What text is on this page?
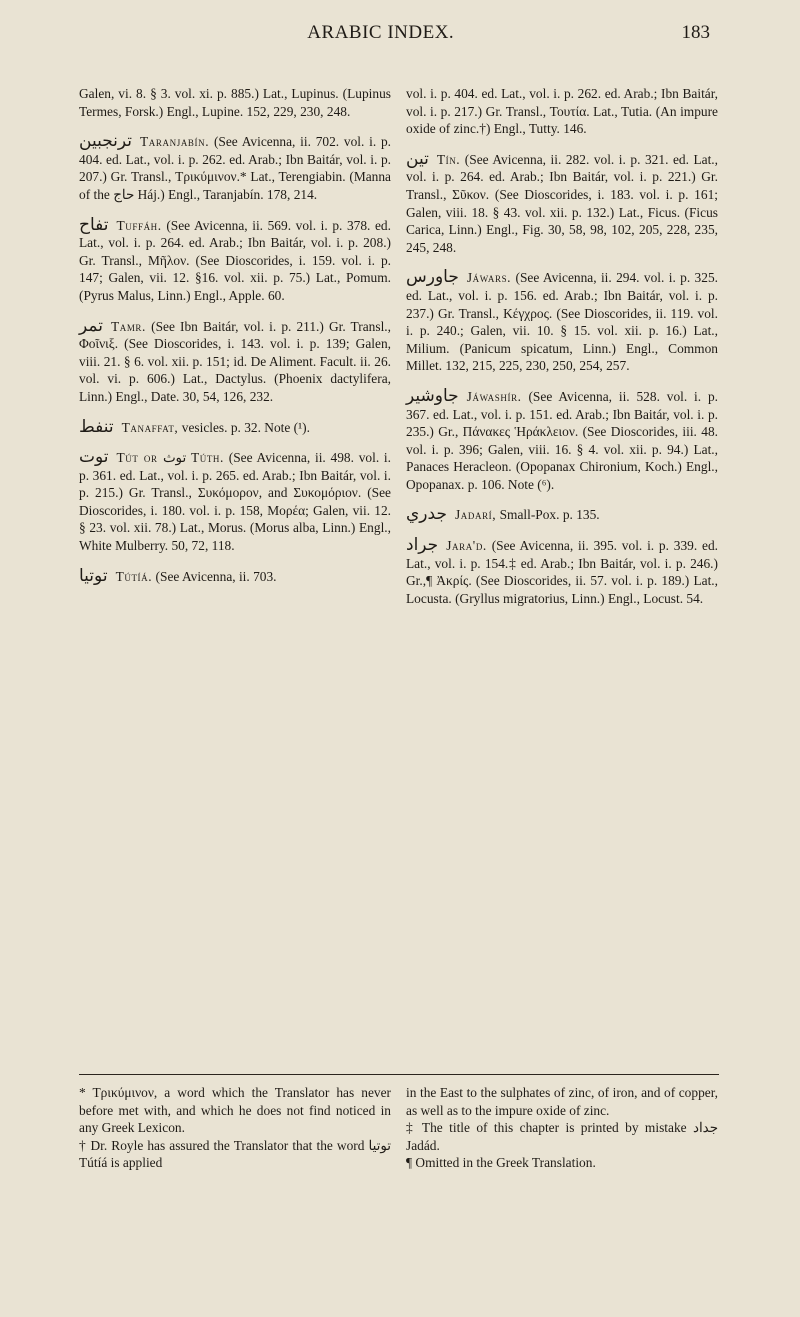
ARABIC INDEX.	183

Galen, vi. 8. § 3. vol. xi. p. 885.) Lat., Lupinus. (Lupinus Termes, Forsk.) Engl., Lupine. 152, 229, 230, 248.

ترنجبين Taranjabín. (See Avicenna, ii. 702. vol. i. p. 404. ed. Lat., vol. i. p. 262. ed. Arab.; Ibn Baitár, vol. i. p. 207.) Gr. Transl., Τρικύμινον.* Lat., Terengiabin. (Manna of the حاج Háj.) Engl., Taranjabín. 178, 214.

تفاح Tuffáh. (See Avicenna, ii. 569. vol. i. p. 378. ed. Lat., vol. i. p. 264. ed. Arab.; Ibn Baitár, vol. i. p. 208.) Gr. Transl., Μῆλον. (See Dioscorides, i. 159. vol. i. p. 147; Galen, vii. 12. §16. vol. xii. p. 75.) Lat., Pomum. (Pyrus Malus, Linn.) Engl., Apple. 60.

تمر Tamr. (See Ibn Baitár, vol. i. p. 211.) Gr. Transl., Φοῖνιξ. (See Dioscorides, i. 143. vol. i. p. 139; Galen, viii. 21. § 6. vol. xii. p. 151; id. De Aliment. Facult. ii. 26. vol. vi. p. 606.) Lat., Dactylus. (Phoenix dactylifera, Linn.) Engl., Date. 30, 54, 126, 232.

تنفط Tanaffat, vesicles. p. 32. Note (¹).

توت Tút or توث Túth. (See Avicenna, ii. 498. vol. i. p. 361. ed. Lat., vol. i. p. 265. ed. Arab.; Ibn Baitár, vol. i. p. 215.) Gr. Transl., Συκόμορον, and Συκομόριον. (See Dioscorides, i. 180. vol. i. p. 158, Μορέα; Galen, vii. 12. § 23. vol. xii. 78.) Lat., Morus. (Morus alba, Linn.) Engl., White Mulberry. 50, 72, 118.

توتيا Tútíá. (See Avicenna, ii. 703.

vol. i. p. 404. ed. Lat., vol. i. p. 262. ed. Arab.; Ibn Baitár, vol. i. p. 217.) Gr. Transl., Τουτία. Lat., Tutia. (An impure oxide of zinc.†) Engl., Tutty. 146.

تين Tín. (See Avicenna, ii. 282. vol. i. p. 321. ed. Lat., vol. i. p. 264. ed. Arab.; Ibn Baitár, vol. i. p. 221.) Gr. Transl., Σῦκον. (See Dioscorides, i. 183. vol. i. p. 161; Galen, viii. 18. § 43. vol. xii. p. 132.) Lat., Ficus. (Ficus Carica, Linn.) Engl., Fig. 30, 58, 98, 102, 205, 228, 235, 245, 248.

جاورس Jáwars. (See Avicenna, ii. 294. vol. i. p. 325. ed. Lat., vol. i. p. 156. ed. Arab.; Ibn Baitár, vol. i. p. 237.) Gr. Transl., Κέγχρος. (See Dioscorides, ii. 119. vol. i. p. 240.; Galen, vii. 10. § 15. vol. xii. p. 16.) Lat., Milium. (Panicum spicatum, Linn.) Engl., Common Millet. 132, 215, 225, 230, 250, 254, 257.

جاوشير Jáwashír. (See Avicenna, ii. 528. vol. i. p. 367. ed. Lat., vol. i. p. 151. ed. Arab.; Ibn Baitár, vol. i. p. 235.) Gr., Πάνακες Ἡράκλειον. (See Dioscorides, iii. 48. vol. i. p. 396; Galen, viii. 16. § 4. vol. xii. p. 94.) Lat., Panaces Heracleon. (Opopanax Chironium, Koch.) Engl., Opopanax. p. 106. Note (⁶).

جدري Jadarí, Small-Pox. p. 135.

جراد Jara'd. (See Avicenna, ii. 395. vol. i. p. 339. ed. Lat., vol. i. p. 154.‡ ed. Arab.; Ibn Baitár, vol. i. p. 246.) Gr.,¶ Ἀκρίς. (See Dioscorides, ii. 57. vol. i. p. 189.) Lat., Locusta. (Gryllus migratorius, Linn.) Engl., Locust. 54.

* Τρικύμινον, a word which the Translator has never before met with, and which he does not find noticed in any Greek Lexicon.

† Dr. Royle has assured the Translator that the word توتيا Tútíá is applied

in the East to the sulphates of zinc, of iron, and of copper, as well as to the impure oxide of zinc.

‡ The title of this chapter is printed by mistake جداد Jadád.

¶ Omitted in the Greek Translation.
